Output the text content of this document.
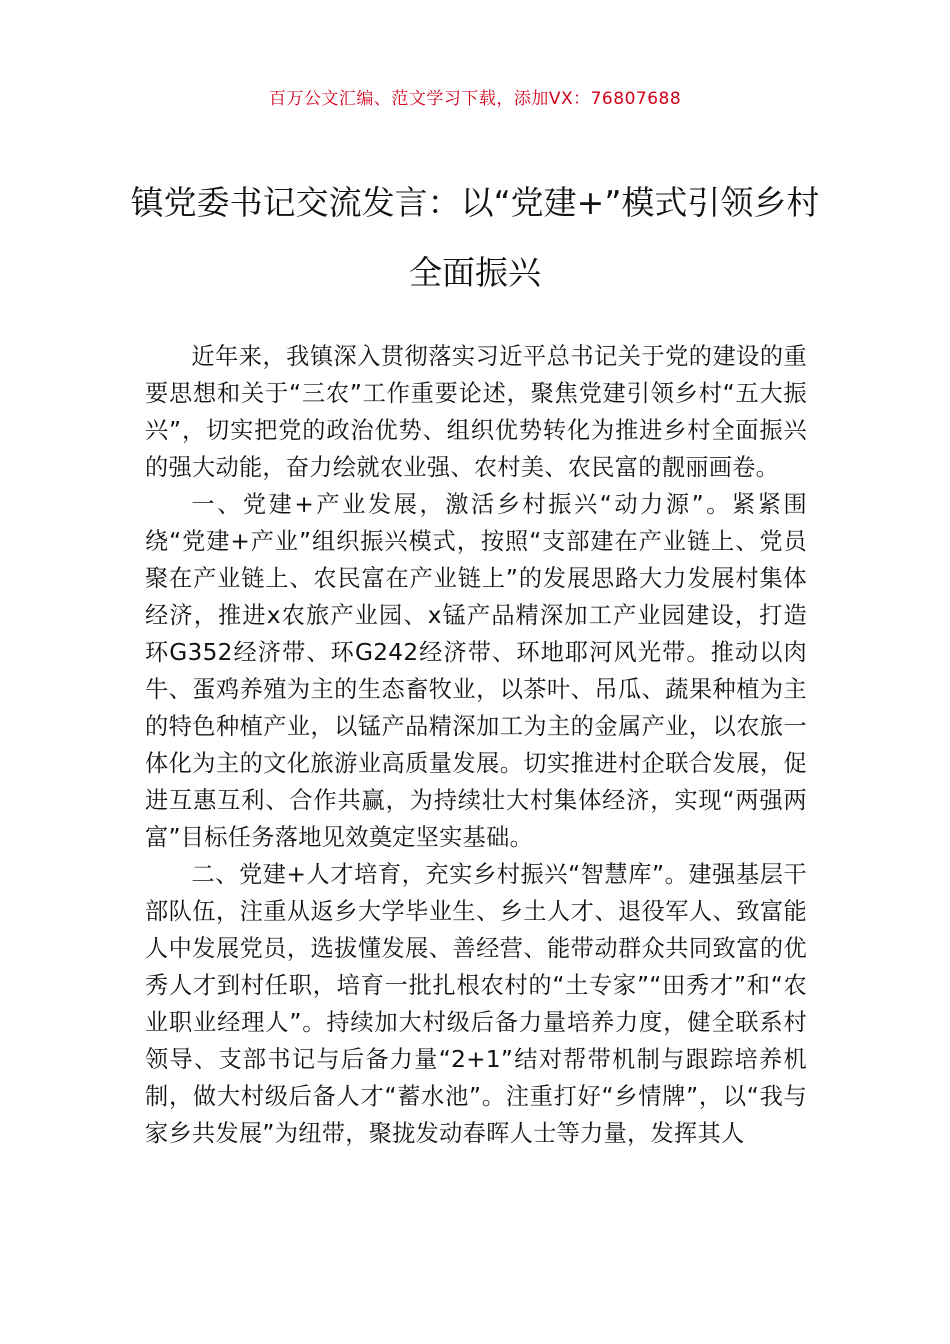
百万公文汇编、范文学习下载，添加VX：76807688
镇党委书记交流发言：以“党建+”模式引领乡村全面振兴

近年来，我镇深入贯彻落实习近平总书记关于党的建设的重要思想和关于“三农”工作重要论述，聚焦党建引领乡村“五大振兴”，切实把党的政治优势、组织优势转化为推进乡村全面振兴的强大动能，奋力绘就农业强、农村美、农民富的靓丽画卷。

一、党建+产业发展，激活乡村振兴“动力源”。紧紧围绕“党建+产业”组织振兴模式，按照“支部建在产业链上、党员聚在产业链上、农民富在产业链上”的发展思路大力发展村集体经济，推进x农旅产业园、x锰产品精深加工产业园建设，打造环G352经济带、环G242经济带、环地耶河风光带。推动以肉牛、蛋鸡养殖为主的生态畜牧业，以茶叶、吊瓜、蔬果种植为主的特色种植产业，以锰产品精深加工为主的金属产业，以农旅一体化为主的文化旅游业高质量发展。切实推进村企联合发展，促进互惠互利、合作共赢，为持续壮大村集体经济，实现“两强两富”目标任务落地见效奠定坚实基础。

二、党建+人才培育，充实乡村振兴“智慧库”。建强基层干部队伍，注重从返乡大学毕业生、乡土人才、退役军人、致富能人中发展党员，选拔懂发展、善经营、能带动群众共同致富的优秀人才到村任职，培育一批扎根农村的“土专家”“田秀才”和“农业职业经理人”。持续加大村级后备力量培养力度，健全联系村领导、支部书记与后备力量“2+1”结对帮带机制与跟踪培养机制，做大村级后备人才“蓄水池”。注重打好“乡情牌”，以“我与家乡共发展”为纽带，聚拢发动春晖人士等力量，发挥其人
